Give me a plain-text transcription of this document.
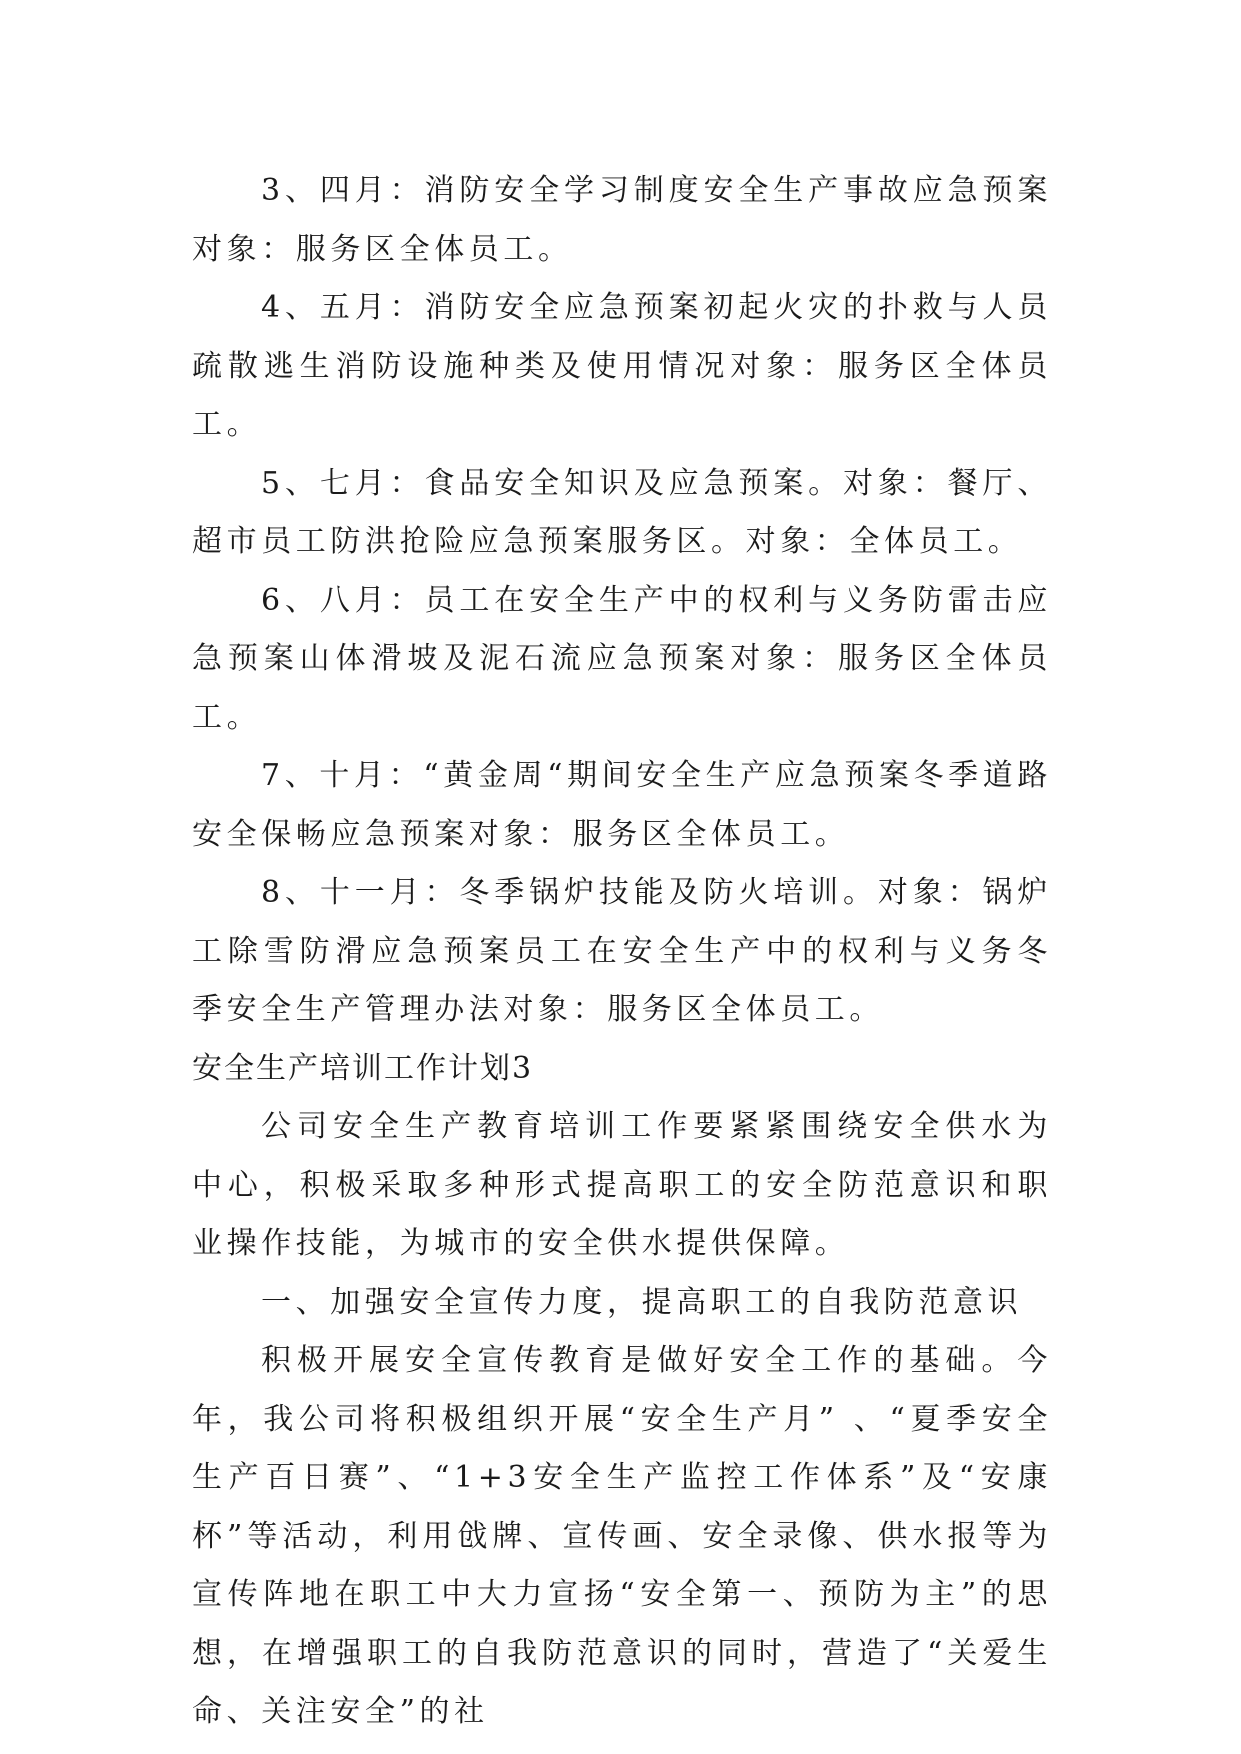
3、四月：消防安全学习制度安全生产事故应急预案对象：服务区全体员工。

4、五月：消防安全应急预案初起火灾的扑救与人员疏散逃生消防设施种类及使用情况对象：服务区全体员工。

5、七月：食品安全知识及应急预案。对象：餐厅、超市员工防洪抢险应急预案服务区。对象：全体员工。

6、八月：员工在安全生产中的权利与义务防雷击应急预案山体滑坡及泥石流应急预案对象：服务区全体员工。

7、十月：“黄金周“期间安全生产应急预案冬季道路安全保畅应急预案对象：服务区全体员工。

8、十一月：冬季锅炉技能及防火培训。对象：锅炉工除雪防滑应急预案员工在安全生产中的权利与义务冬季安全生产管理办法对象：服务区全体员工。

安全生产培训工作计划3

公司安全生产教育培训工作要紧紧围绕安全供水为中心，积极采取多种形式提高职工的安全防范意识和职业操作技能，为城市的安全供水提供保障。

一、加强安全宣传力度，提高职工的自我防范意识

积极开展安全宣传教育是做好安全工作的基础。今年，我公司将积极组织开展“安全生产月” 、“夏季安全生产百日赛”、“1+3安全生产监控工作体系”及“安康杯”等活动，利用戗牌、宣传画、安全录像、供水报等为宣传阵地在职工中大力宣扬“安全第一、预防为主”的思想，在增强职工的自我防范意识的同时，营造了“关爱生命、关注安全”的社
